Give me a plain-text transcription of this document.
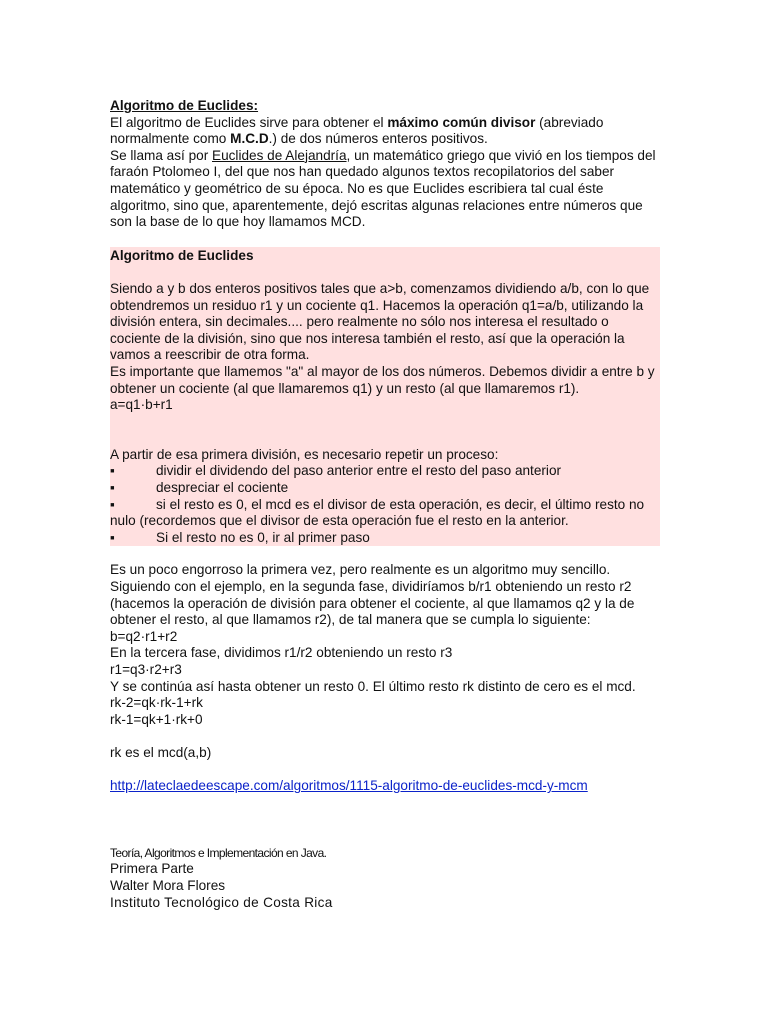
Algoritmo de Euclides:

El algoritmo de Euclides sirve para obtener el máximo común divisor (abreviado normalmente como M.C.D.) de dos números enteros positivos.

Se llama así por Euclides de Alejandría, un matemático griego que vivió en los tiempos del faraón Ptolomeo I, del que nos han quedado algunos textos recopilatorios del saber matemático y geométrico de su época. No es que Euclides escribiera tal cual éste algoritmo, sino que, aparentemente, dejó escritas algunas relaciones entre números que son la base de lo que hoy llamamos MCD.

Algoritmo de Euclides

Siendo a y b dos enteros positivos tales que a>b, comenzamos dividiendo a/b, con lo que obtendremos un residuo r1 y un cociente q1. Hacemos la operación q1=a/b, utilizando la división entera, sin decimales.... pero realmente no sólo nos interesa el resultado o cociente de la división, sino que nos interesa también el resto, así que la operación la vamos a reescribir de otra forma.

Es importante que llamemos "a" al mayor de los dos números. Debemos dividir a entre b y obtener un cociente (al que llamaremos q1) y un resto (al que llamaremos r1).

a=q1·b+r1

A partir de esa primera división, es necesario repetir un proceso:

▪	dividir el dividendo del paso anterior entre el resto del paso anterior

▪	despreciar el cociente

▪	si el resto es 0, el mcd es el divisor de esta operación, es decir, el último resto no nulo (recordemos que el divisor de esta operación fue el resto en la anterior.

▪	Si el resto no es 0, ir al primer paso

Es un poco engorroso la primera vez, pero realmente es un algoritmo muy sencillo. Siguiendo con el ejemplo, en la segunda fase, dividiríamos b/r1 obteniendo un resto r2 (hacemos la operación de división para obtener el cociente, al que llamamos q2 y la de obtener el resto, al que llamamos r2), de tal manera que se cumpla lo siguiente:

b=q2·r1+r2

En la tercera fase, dividimos r1/r2 obteniendo un resto r3

r1=q3·r2+r3

Y se continúa así hasta obtener un resto 0. El último resto rk distinto de cero es el mcd.

rk-2=qk·rk-1+rk

rk-1=qk+1·rk+0

rk es el mcd(a,b)

http://lateclaedeescape.com/algoritmos/1115-algoritmo-de-euclides-mcd-y-mcm

Teoría, Algoritmos e Implementación en Java.

Primera Parte

Walter Mora Flores

Instituto Tecnológico de Costa Rica
